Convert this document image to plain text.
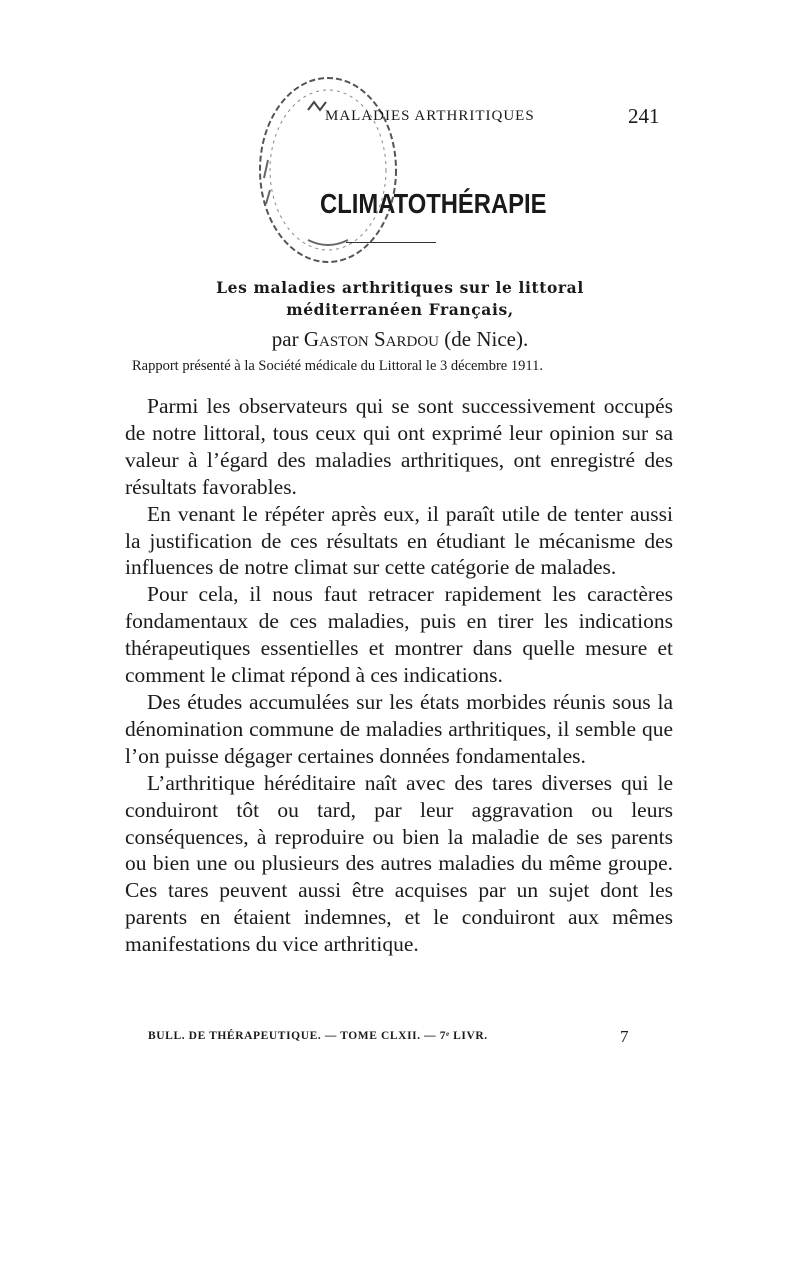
MALADIES ARTHRITIQUES	241
CLIMATOTHÉRAPIE
Les maladies arthritiques sur le littoral
méditerranéen Français,
par Gaston Sardou (de Nice).
Rapport présenté à la Société médicale du Littoral le 3 décembre 1911.

Parmi les observateurs qui se sont successivement occupés de notre littoral, tous ceux qui ont exprimé leur opinion sur sa valeur à l’égard des maladies arthritiques, ont enregistré des résultats favorables.

En venant le répéter après eux, il paraît utile de tenter aussi la justification de ces résultats en étudiant le mécanisme des influences de notre climat sur cette catégorie de malades.

Pour cela, il nous faut retracer rapidement les caractères fondamentaux de ces maladies, puis en tirer les indications thérapeutiques essentielles et montrer dans quelle mesure et comment le climat répond à ces indications.

Des études accumulées sur les états morbides réunis sous la dénomination commune de maladies arthritiques, il semble que l’on puisse dégager certaines données fondamentales.

L’arthritique héréditaire naît avec des tares diverses qui le conduiront tôt ou tard, par leur aggravation ou leurs conséquences, à reproduire ou bien la maladie de ses parents ou bien une ou plusieurs des autres maladies du même groupe. Ces tares peuvent aussi être acquises par un sujet dont les parents en étaient indemnes, et le conduiront aux mêmes manifestations du vice arthritique.

BULL. DE THÉRAPEUTIQUE. — TOME CLXII. — 7ᵉ LIVR.	7
